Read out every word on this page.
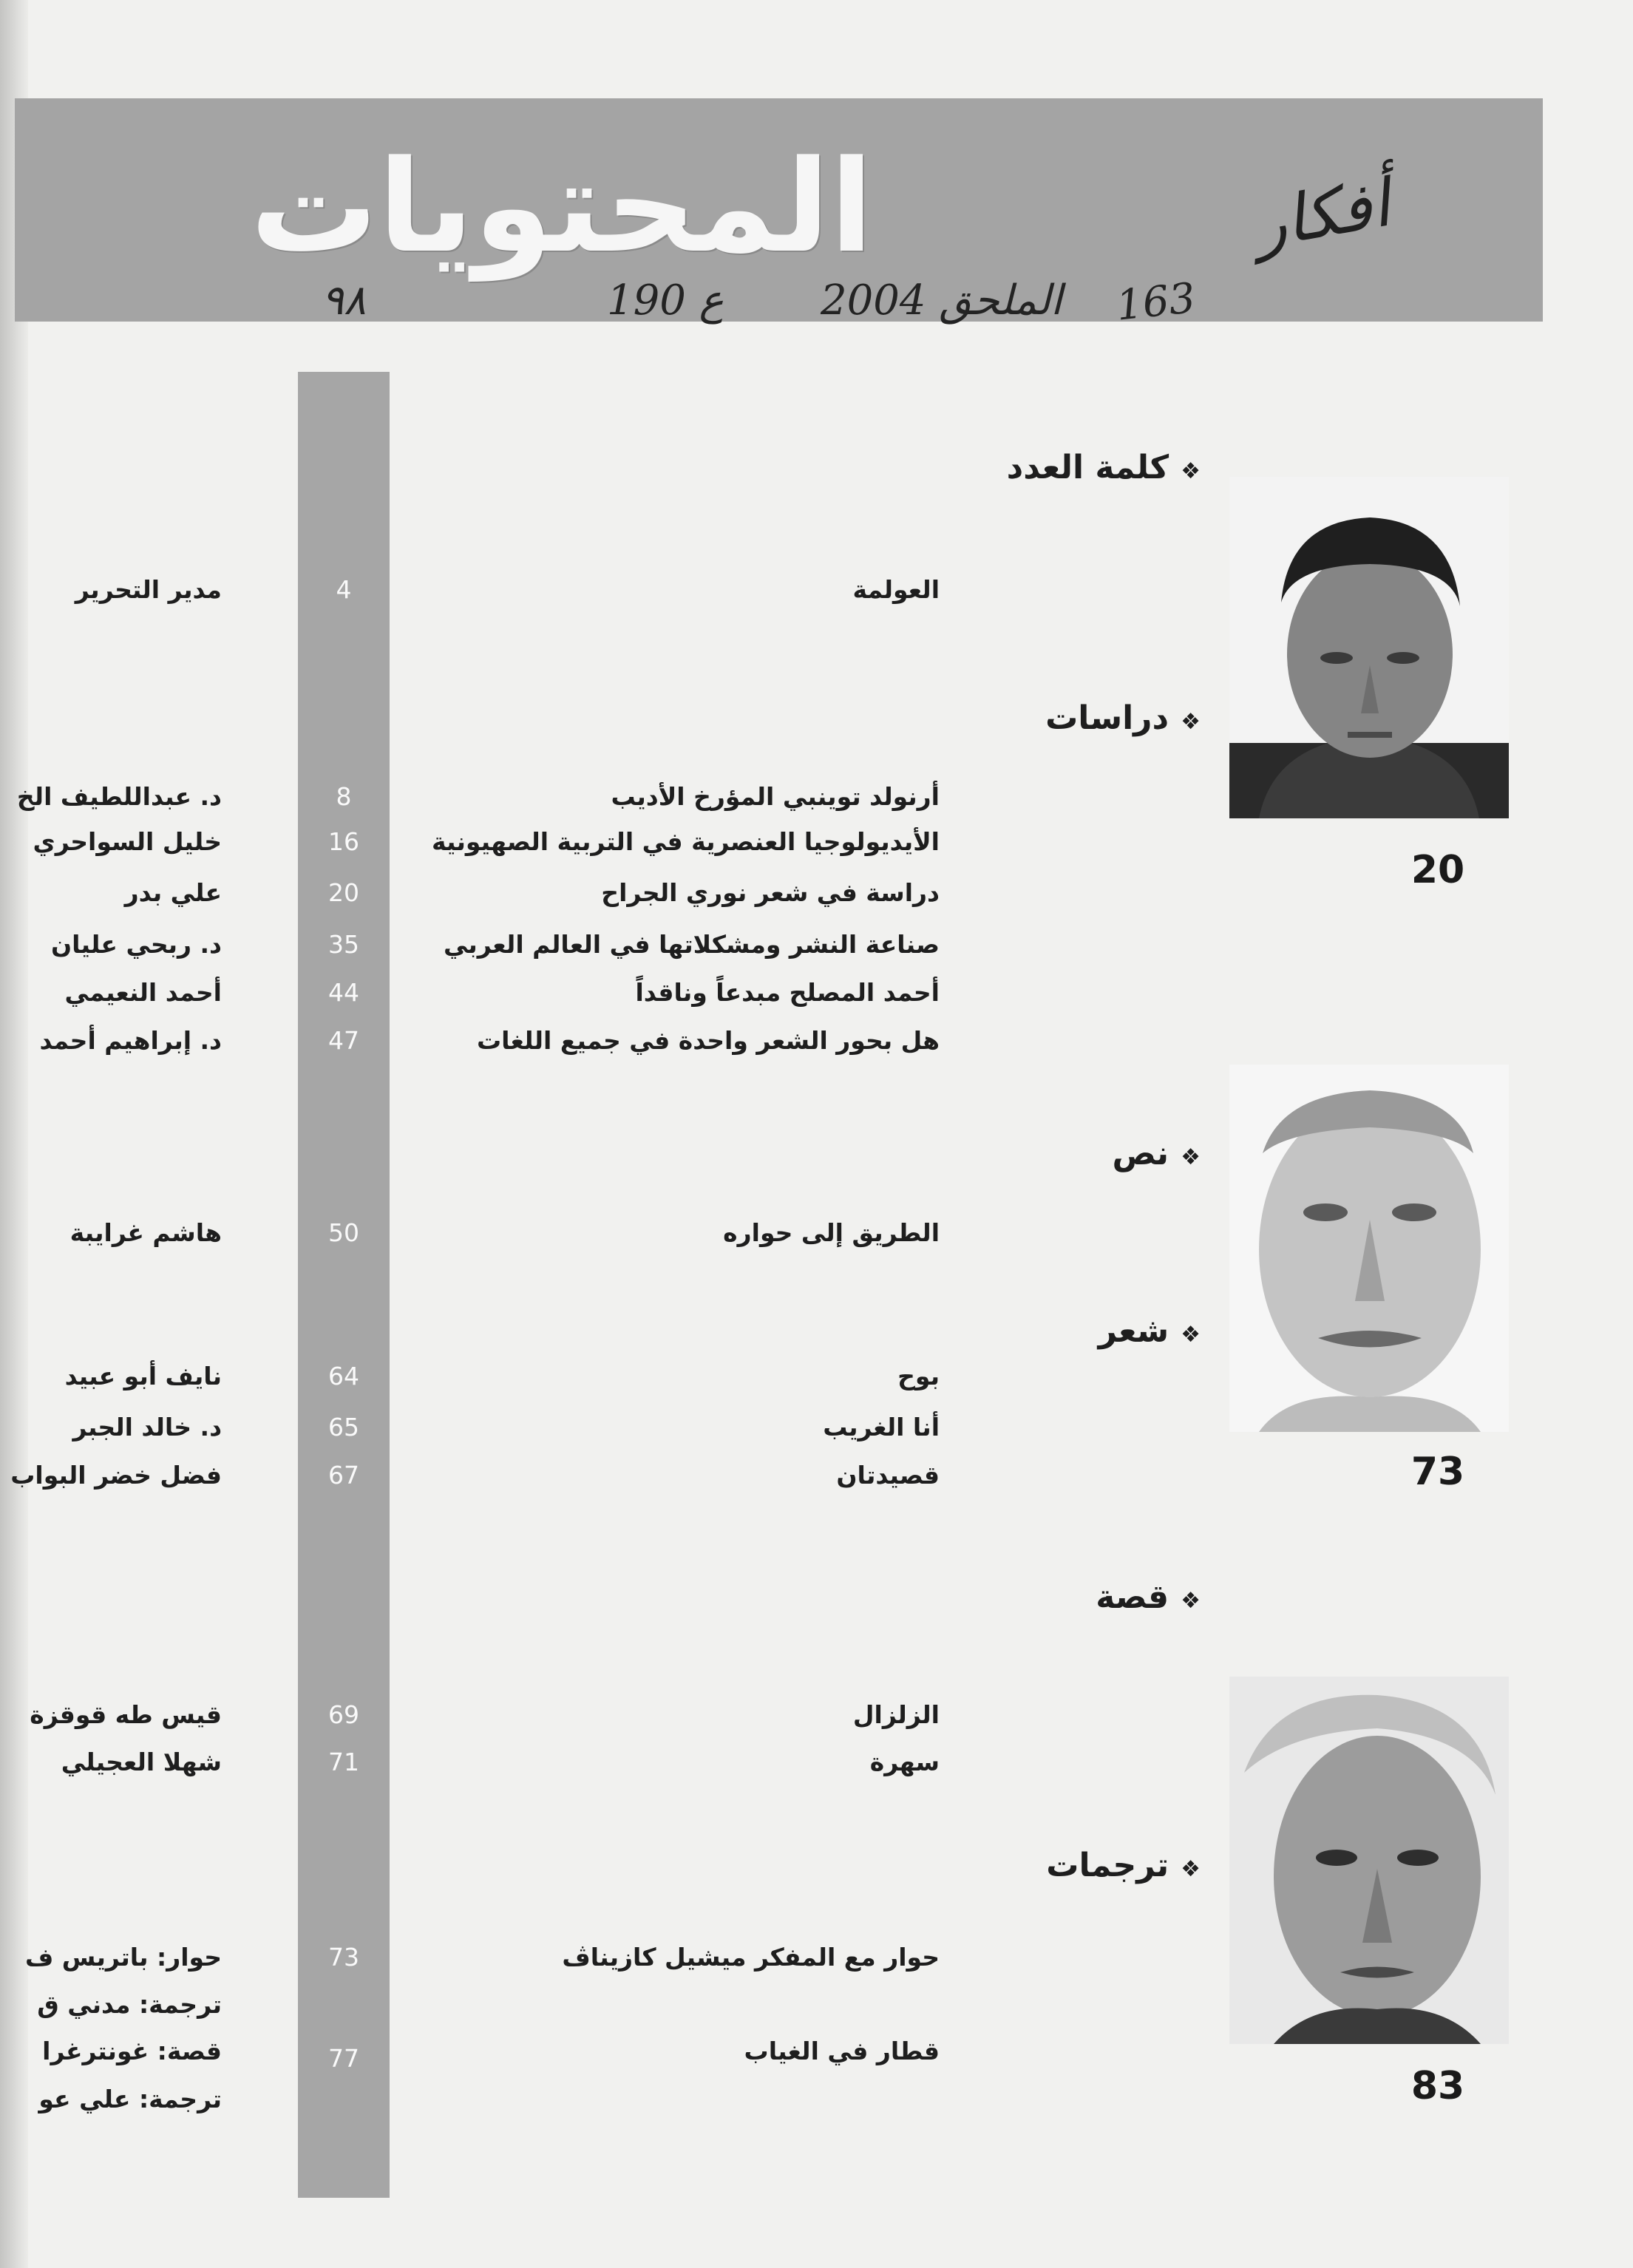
المحتويات	أفكار
163
الملحق 2004
ع 190
٩٨
❖كلمة العدد
❖دراسات
❖نص
❖شعر
❖قصة
❖ترجمات
العولمة
4
مدير التحرير
أرنولد توينبي المؤرخ الأديب
8
د. عبداللطيف الخ
الأيديولوجيا العنصرية في التربية الصهيونية
16
خليل السواحري
دراسة في شعر نوري الجراح
20
علي بدر
صناعة النشر ومشكلاتها في العالم العربي
35
د. ربحي عليان
أحمد المصلح مبدعاً وناقداً
44
أحمد النعيمي
هل بحور الشعر واحدة في جميع اللغات
47
د. إبراهيم أحمد
الطريق إلى حواره
50
هاشم غرايبة
بوح
64
نايف أبو عبيد
أنا الغريب
65
د. خالد الجبر
قصيدتان
67
فضل خضر البواب
الزلزال
69
قيس طه قوقزة
سهرة
71
شهلا العجيلي
حوار مع المفكر ميشيل كازيناڤ
73
حوار: باتريس ف
ترجمة: مدني ق
قطار في الغياب
77
قصة: غونترغرا
ترجمة: علي عو
20
73
83
